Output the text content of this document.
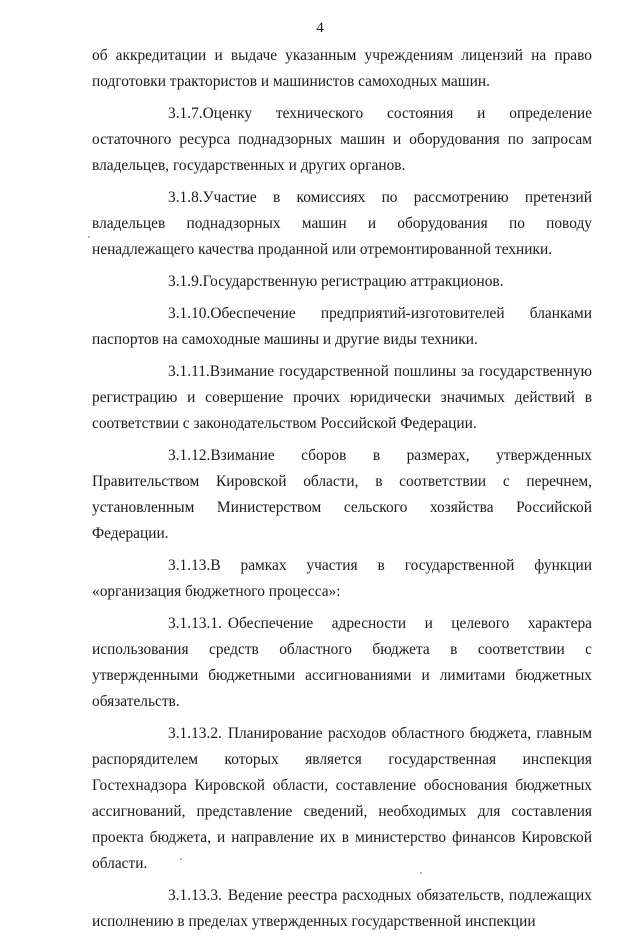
4

об аккредитации и выдаче указанным учреждениям лицензий на право подготовки трактористов и машинистов самоходных машин.

3.1.7.Оценку технического состояния и определение остаточного ресурса поднадзорных машин и оборудования по запросам владельцев, государственных и других органов.

3.1.8.Участие в комиссиях по рассмотрению претензий владельцев поднадзорных машин и оборудования по поводу ненадлежащего качества проданной или отремонтированной техники.

3.1.9.Государственную регистрацию аттракционов.

3.1.10.Обеспечение предприятий-изготовителей бланками паспортов на самоходные машины и другие виды техники.

3.1.11.Взимание государственной пошлины за государственную регистрацию и совершение прочих юридически значимых действий в соответствии с законодательством Российской Федерации.

3.1.12.Взимание сборов в размерах, утвержденных Правительством Кировской области, в соответствии с перечнем, установленным Министерством сельского хозяйства Российской Федерации.

3.1.13.В рамках участия в государственной функции «организация бюджетного процесса»:

3.1.13.1. Обеспечение адресности и целевого характера использования средств областного бюджета в соответствии с утвержденными бюджетными ассигнованиями и лимитами бюджетных обязательств.

3.1.13.2. Планирование расходов областного бюджета, главным распорядителем которых является государственная инспекция Гостехнадзора Кировской области, составление обоснования бюджетных ассигнований, представление сведений, необходимых для составления проекта бюджета, и направление их в министерство финансов Кировской области.

3.1.13.3. Ведение реестра расходных обязательств, подлежащих исполнению в пределах утвержденных государственной инспекции
